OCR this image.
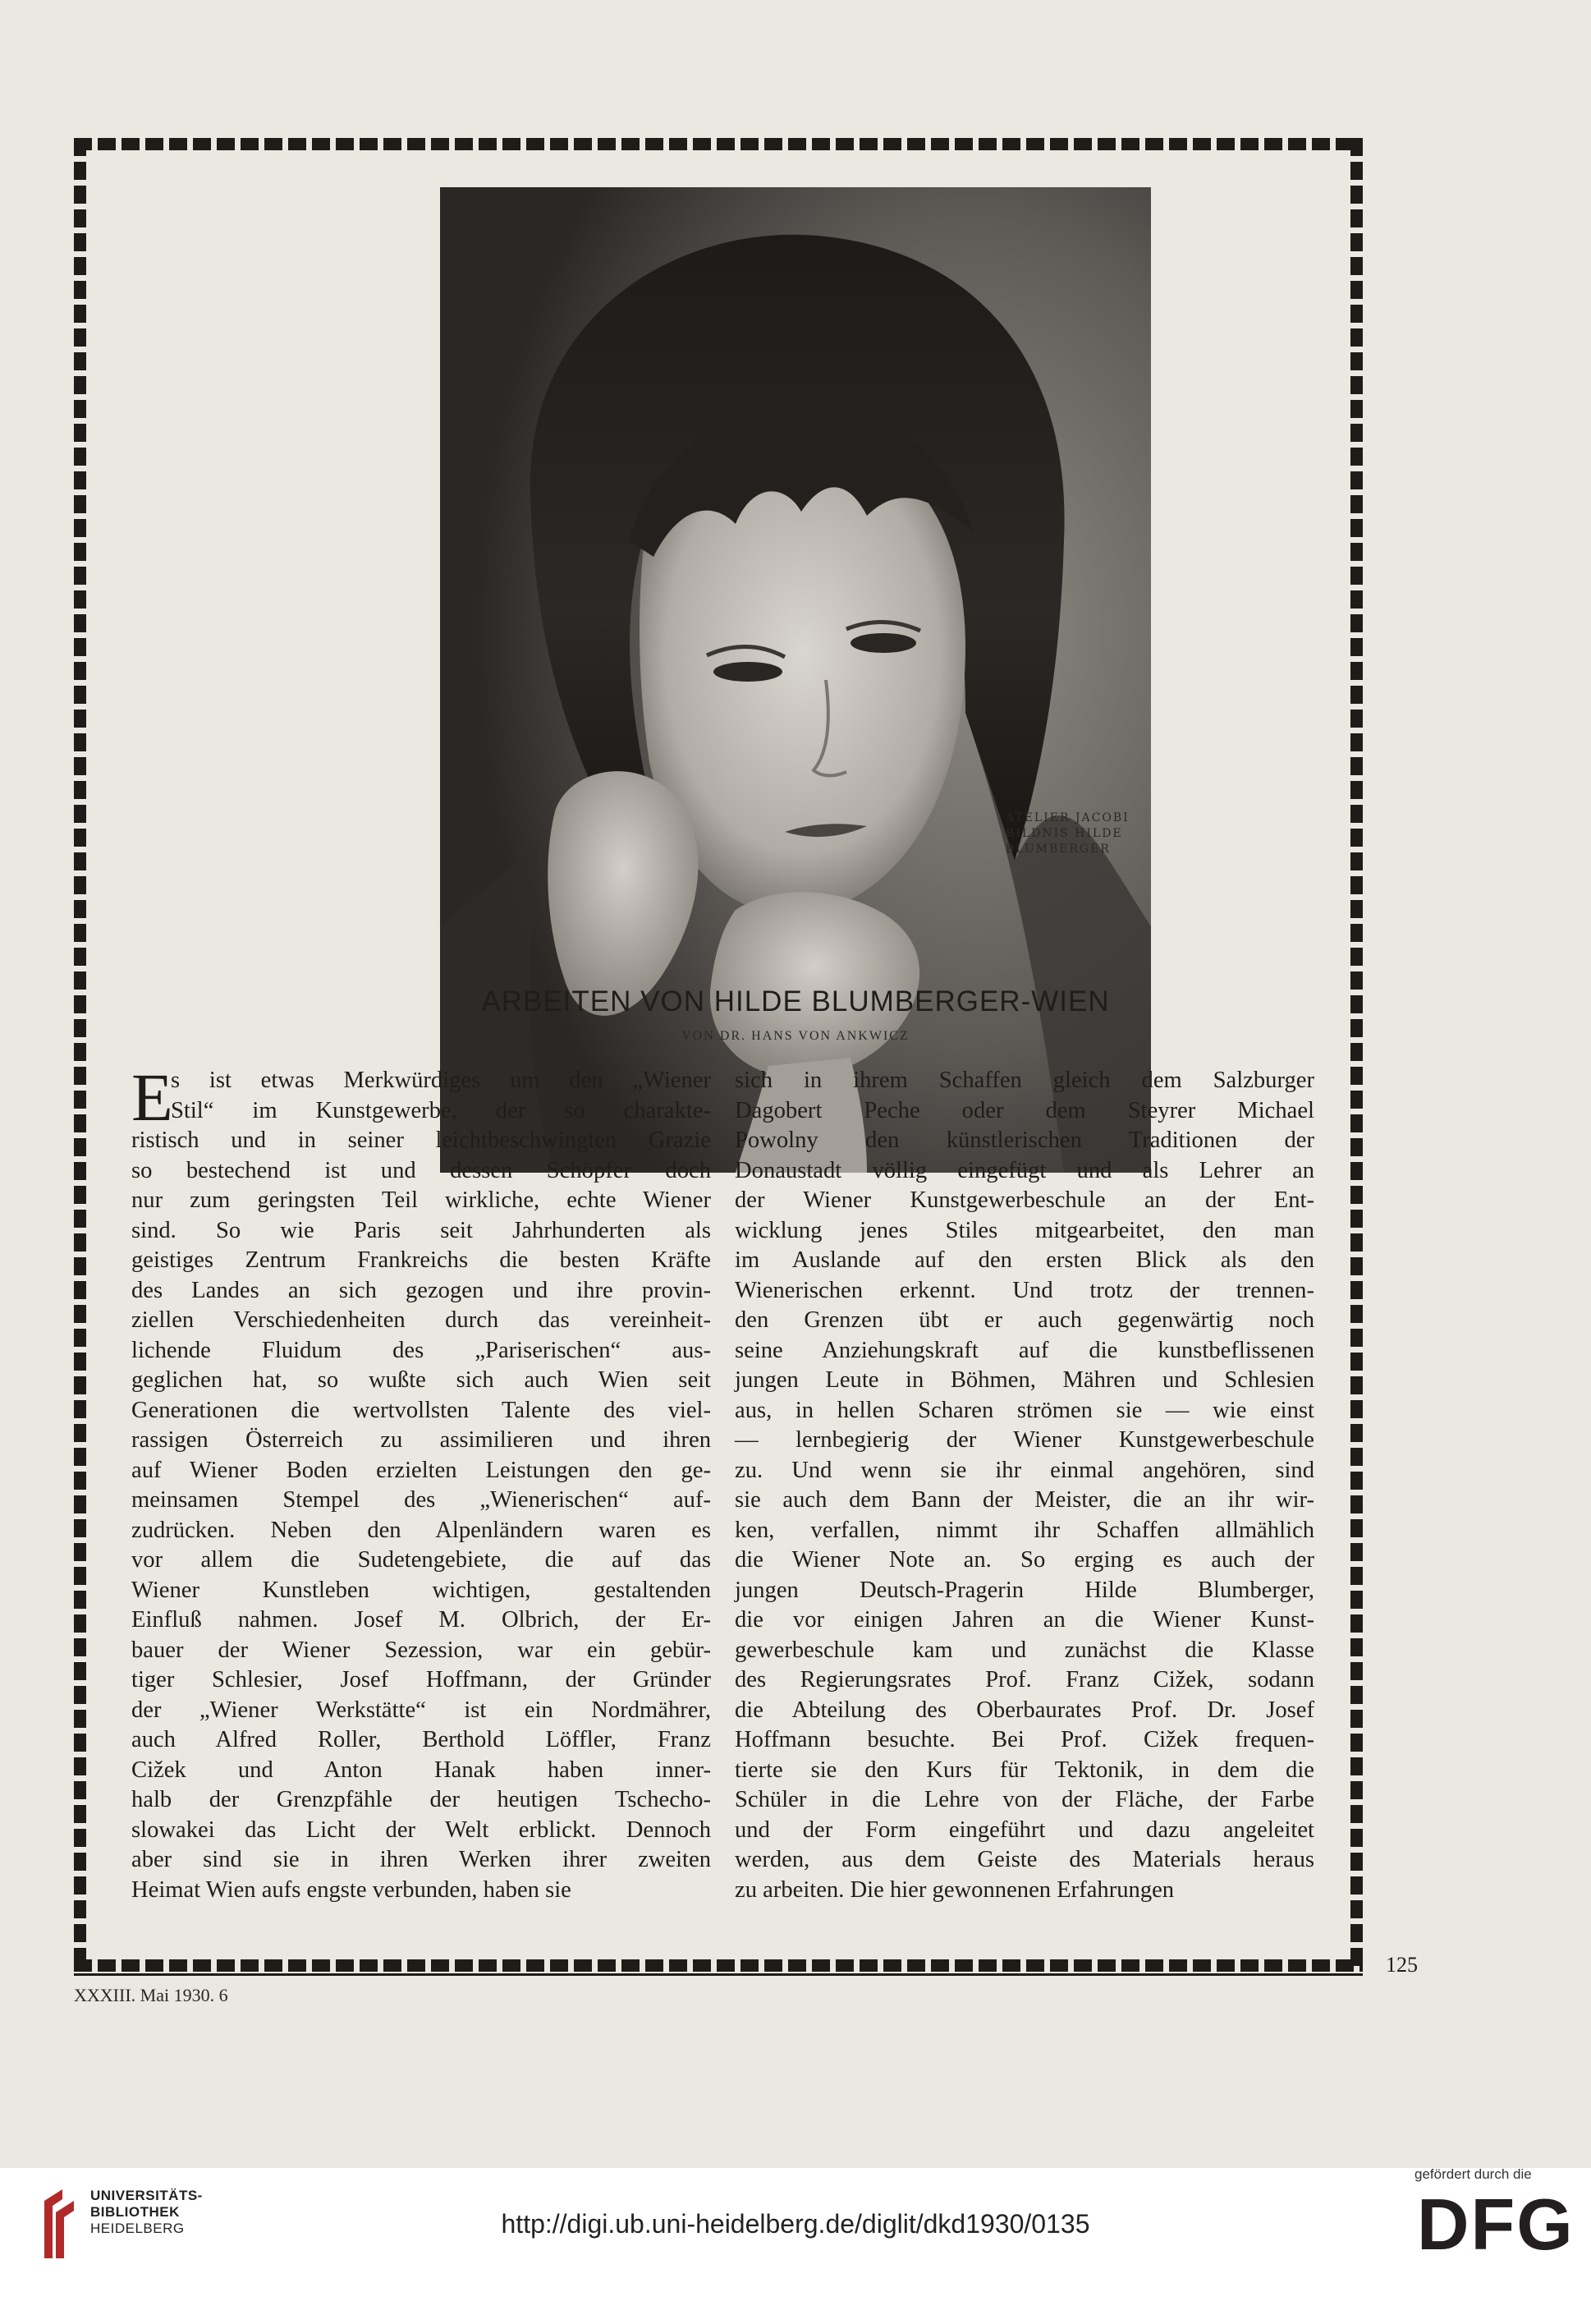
ATELIER JACOBI
BILDNIS HILDE
BLUMBERGER
ARBEITEN VON HILDE BLUMBERGER-WIEN
VON DR. HANS VON ANKWICZ
E
s ist etwas Merkwürdiges um den „Wiener
Stil“ im Kunstgewerbe, der so charakte-
ristisch und in seiner leichtbeschwingten Grazie
so bestechend ist und dessen Schöpfer doch
nur zum geringsten Teil wirkliche, echte Wiener
sind. So wie Paris seit Jahrhunderten als
geistiges Zentrum Frankreichs die besten Kräfte
des Landes an sich gezogen und ihre provin-
ziellen Verschiedenheiten durch das vereinheit-
lichende Fluidum des „Pariserischen“ aus-
geglichen hat, so wußte sich auch Wien seit
Generationen die wertvollsten Talente des viel-
rassigen Österreich zu assimilieren und ihren
auf Wiener Boden erzielten Leistungen den ge-
meinsamen Stempel des „Wienerischen“ auf-
zudrücken. Neben den Alpenländern waren es
vor allem die Sudetengebiete, die auf das
Wiener Kunstleben wichtigen, gestaltenden
Einfluß nahmen. Josef M. Olbrich, der Er-
bauer der Wiener Sezession, war ein gebür-
tiger Schlesier, Josef Hoffmann, der Gründer
der „Wiener Werkstätte“ ist ein Nordmährer,
auch Alfred Roller, Berthold Löffler, Franz
Cižek und Anton Hanak haben inner-
halb der Grenzpfähle der heutigen Tschecho-
slowakei das Licht der Welt erblickt. Dennoch
aber sind sie in ihren Werken ihrer zweiten
Heimat Wien aufs engste verbunden, haben sie
sich in ihrem Schaffen gleich dem Salzburger
Dagobert Peche oder dem Steyrer Michael
Powolny den künstlerischen Traditionen der
Donaustadt völlig eingefügt und als Lehrer an
der Wiener Kunstgewerbeschule an der Ent-
wicklung jenes Stiles mitgearbeitet, den man
im Auslande auf den ersten Blick als den
Wienerischen erkennt. Und trotz der trennen-
den Grenzen übt er auch gegenwärtig noch
seine Anziehungskraft auf die kunstbeflissenen
jungen Leute in Böhmen, Mähren und Schlesien
aus, in hellen Scharen strömen sie — wie einst
— lernbegierig der Wiener Kunstgewerbeschule
zu. Und wenn sie ihr einmal angehören, sind
sie auch dem Bann der Meister, die an ihr wir-
ken, verfallen, nimmt ihr Schaffen allmählich
die Wiener Note an. So erging es auch der
jungen Deutsch-Pragerin Hilde Blumberger,
die vor einigen Jahren an die Wiener Kunst-
gewerbeschule kam und zunächst die Klasse
des Regierungsrates Prof. Franz Cižek, sodann
die Abteilung des Oberbaurates Prof. Dr. Josef
Hoffmann besuchte. Bei Prof. Cižek frequen-
tierte sie den Kurs für Tektonik, in dem die
Schüler in die Lehre von der Fläche, der Farbe
und der Form eingeführt und dazu angeleitet
werden, aus dem Geiste des Materials heraus
zu arbeiten. Die hier gewonnenen Erfahrungen
125
XXXIII. Mai 1930. 6
UNIVERSITÄTS-
BIBLIOTHEK
HEIDELBERG	http://digi.ub.uni-heidelberg.de/diglit/dkd1930/0135
gefördert durch die
DFG
